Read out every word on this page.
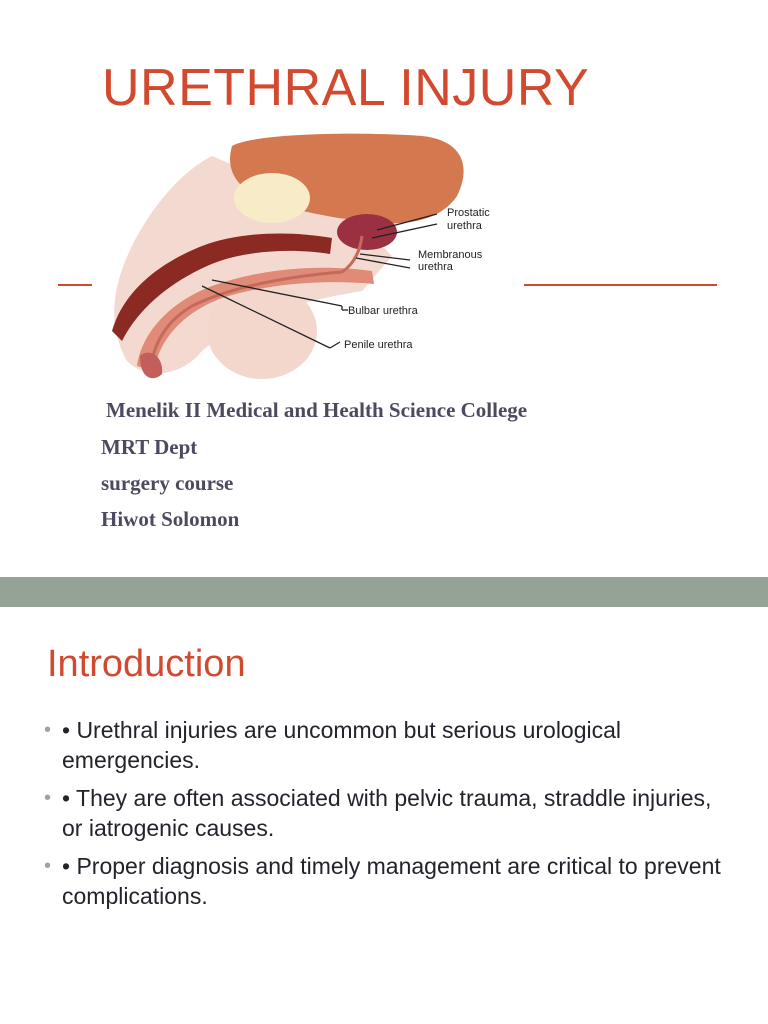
URETHRAL INJURY
Prostatic
urethra
Membranous
urethra
Bulbar urethra
Penile urethra
Menelik II Medical and Health Science College
MRT Dept
surgery course
Hiwot Solomon
Introduction
• • Urethral injuries are uncommon but serious urological emergencies.
• • They are often associated with pelvic trauma, straddle injuries, or iatrogenic causes.
• • Proper diagnosis and timely management are critical to prevent complications.
